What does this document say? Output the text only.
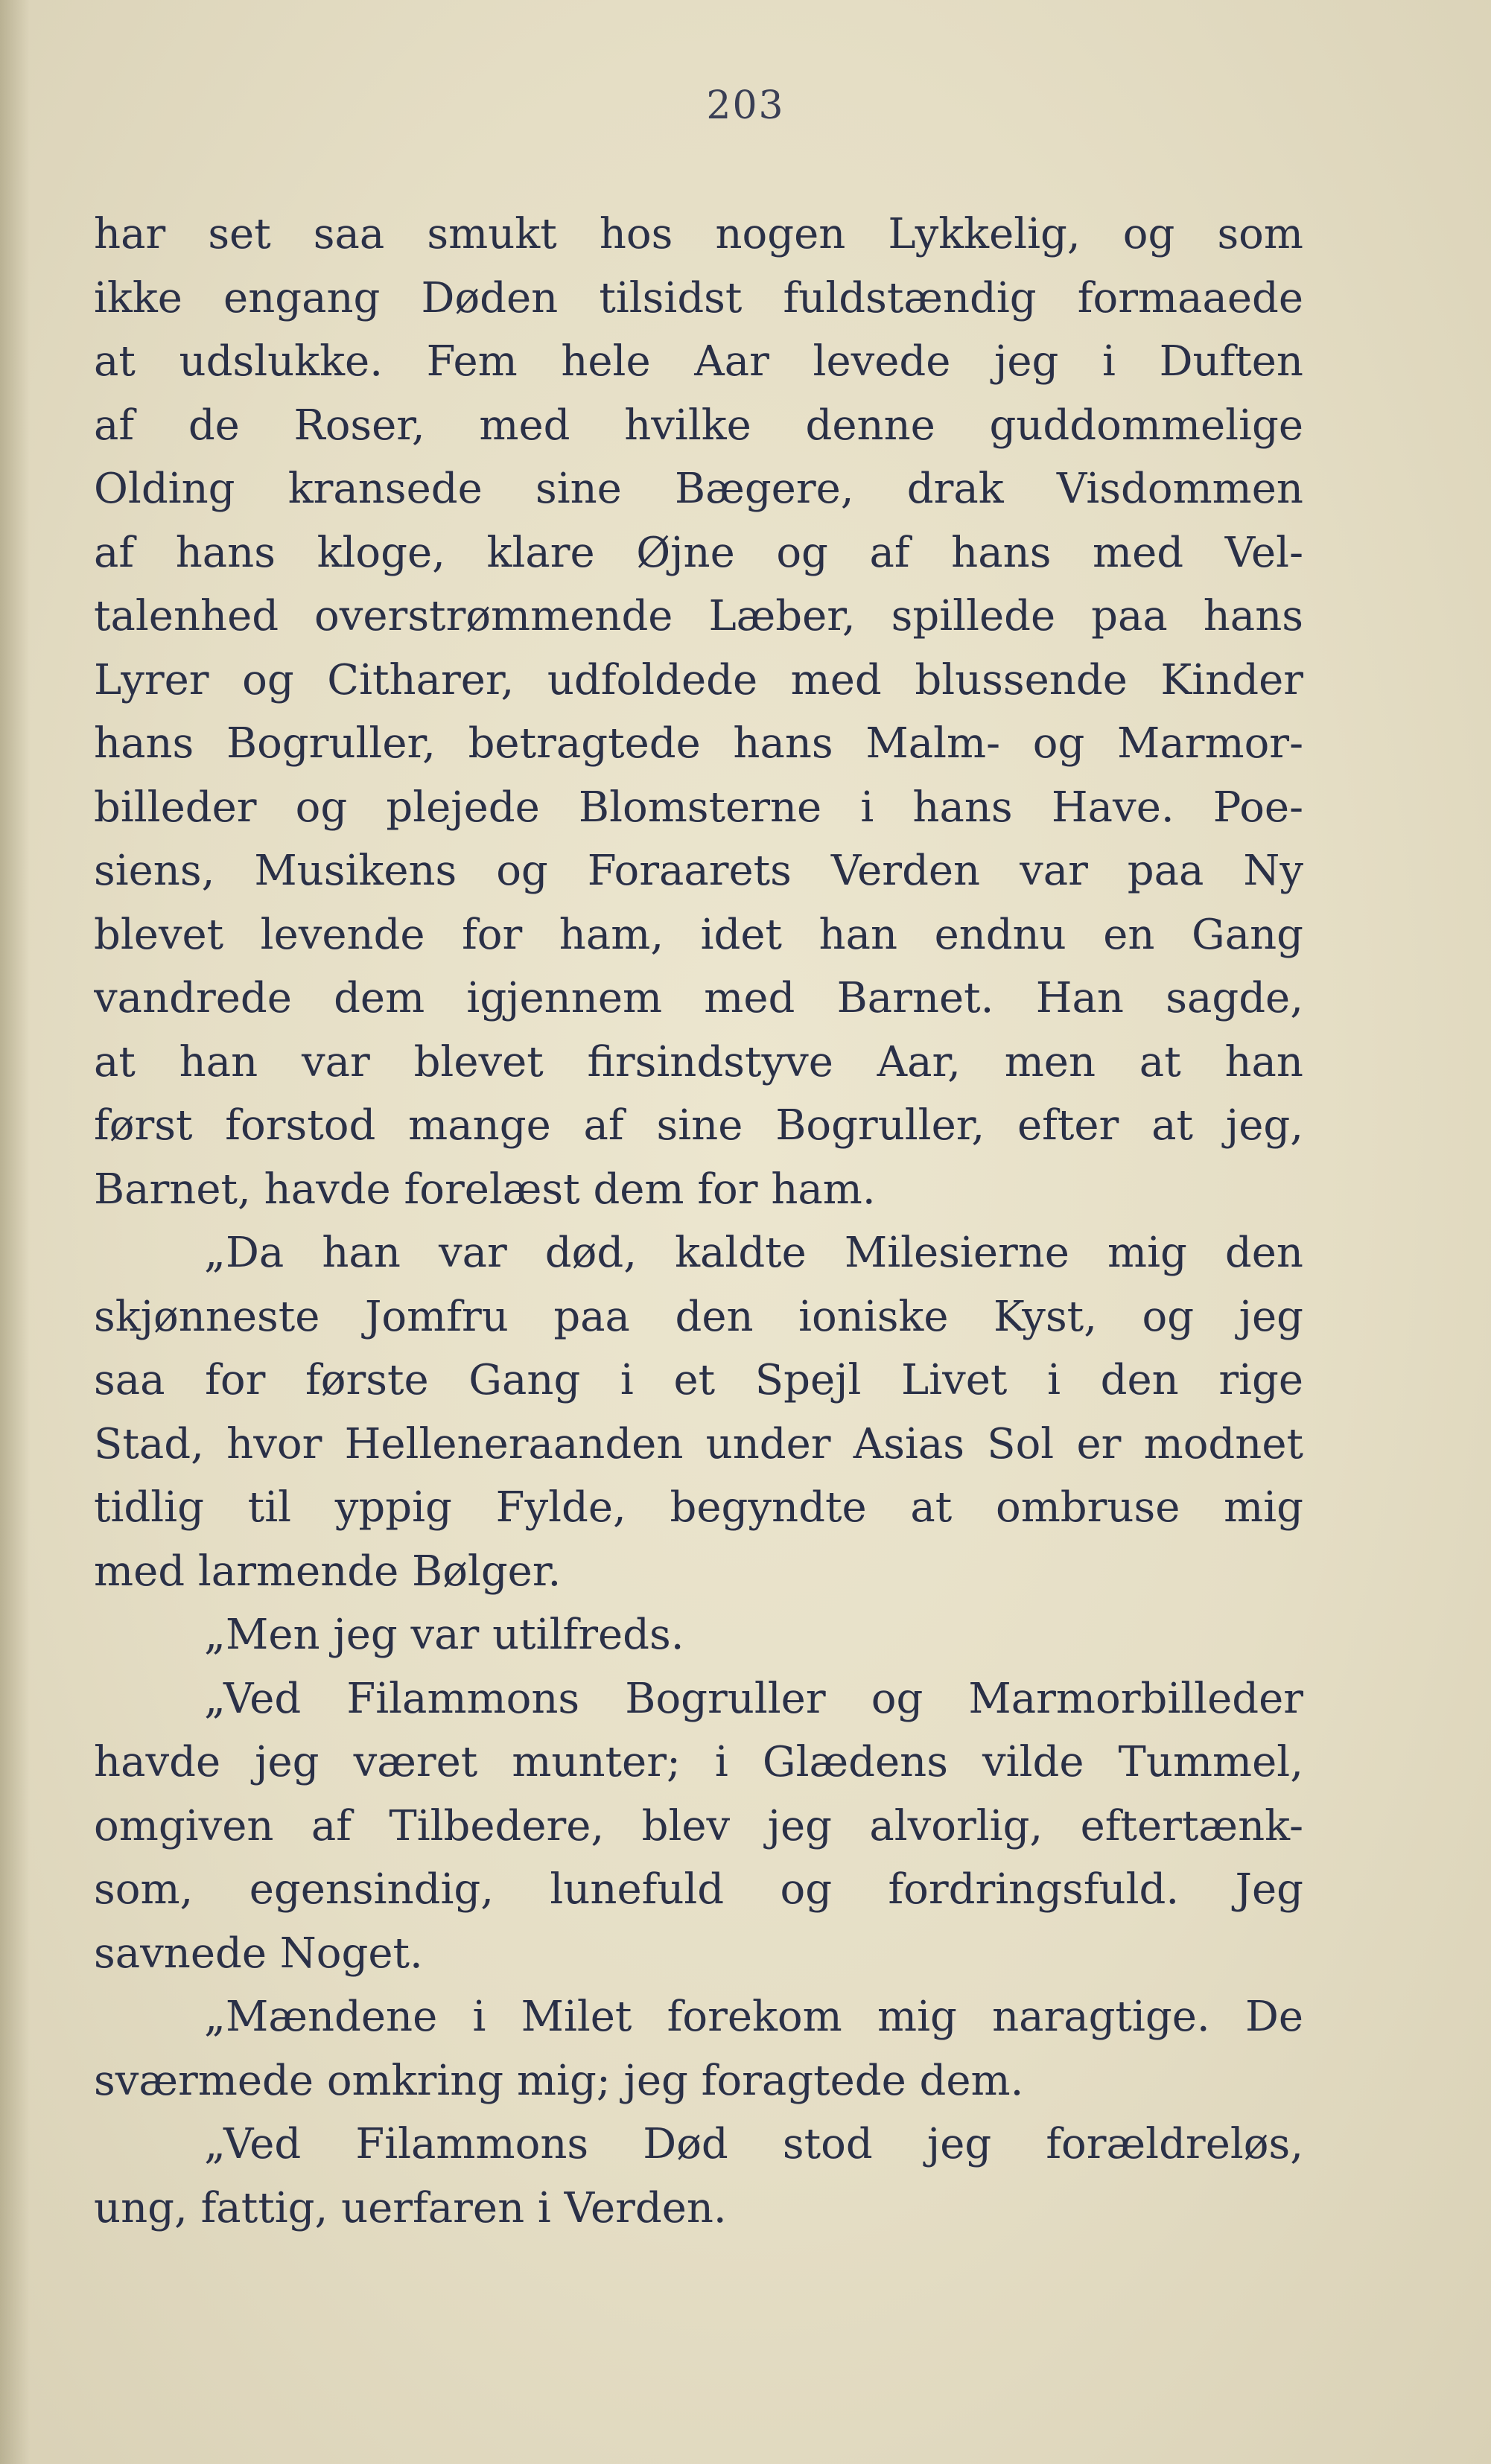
203
har set saa smukt hos nogen Lykkelig, og som
ikke engang Døden tilsidst fuldstændig formaaede
at udslukke. Fem hele Aar levede jeg i Duften
af de Roser, med hvilke denne guddommelige
Olding kransede sine Bægere, drak Visdommen
af hans kloge, klare Øjne og af hans med Vel-
talenhed overstrømmende Læber, spillede paa hans
Lyrer og Citharer, udfoldede med blussende Kinder
hans Bogruller, betragtede hans Malm- og Marmor-
billeder og plejede Blomsterne i hans Have. Poe-
siens, Musikens og Foraarets Verden var paa Ny
blevet levende for ham, idet han endnu en Gang
vandrede dem igjennem med Barnet. Han sagde,
at han var blevet firsindstyve Aar, men at han
først forstod mange af sine Bogruller, efter at jeg,
Barnet, havde forelæst dem for ham.
„Da han var død, kaldte Milesierne mig den
skjønneste Jomfru paa den ioniske Kyst, og jeg
saa for første Gang i et Spejl Livet i den rige
Stad, hvor Helleneraanden under Asias Sol er modnet
tidlig til yppig Fylde, begyndte at ombruse mig
med larmende Bølger.
„Men jeg var utilfreds.
„Ved Filammons Bogruller og Marmorbilleder
havde jeg været munter; i Glædens vilde Tummel,
omgiven af Tilbedere, blev jeg alvorlig, eftertænk-
som, egensindig, lunefuld og fordringsfuld. Jeg
savnede Noget.
„Mændene i Milet forekom mig naragtige. De
sværmede omkring mig; jeg foragtede dem.
„Ved Filammons Død stod jeg forældreløs,
ung, fattig, uerfaren i Verden.
